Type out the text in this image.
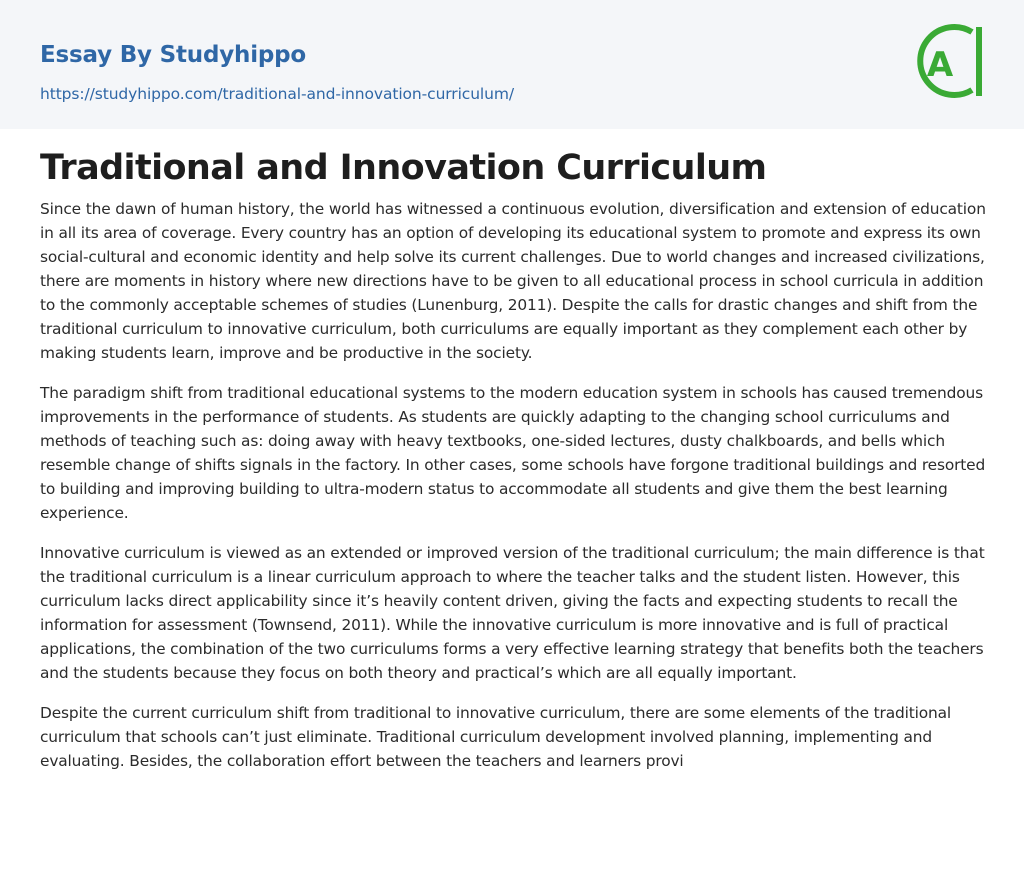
Essay By Studyhippo
https://studyhippo.com/traditional-and-innovation-curriculum/
A
Traditional and Innovation Curriculum

Since the dawn of human history, the world has witnessed a continuous evolution, diversification and extension of education in all its area of coverage. Every country has an option of developing its educational system to promote and express its own social-cultural and economic identity and help solve its current challenges. Due to world changes and increased civilizations, there are moments in history where new directions have to be given to all educational process in school curricula in addition to the commonly acceptable schemes of studies (Lunenburg, 2011). Despite the calls for drastic changes and shift from the traditional curriculum to innovative curriculum, both curriculums are equally important as they complement each other by making students learn, improve and be productive in the society.

The paradigm shift from traditional educational systems to the modern education system in schools has caused tremendous improvements in the performance of students. As students are quickly adapting to the changing school curriculums and methods of teaching such as: doing away with heavy textbooks, one-sided lectures, dusty chalkboards, and bells which resemble change of shifts signals in the factory. In other cases, some schools have forgone traditional buildings and resorted to building and improving building to ultra-modern status to accommodate all students and give them the best learning experience.

Innovative curriculum is viewed as an extended or improved version of the traditional curriculum; the main difference is that the traditional curriculum is a linear curriculum approach to where the teacher talks and the student listen. However, this curriculum lacks direct applicability since it’s heavily content driven, giving the facts and expecting students to recall the information for assessment (Townsend, 2011). While the innovative curriculum is more innovative and is full of practical applications, the combination of the two curriculums forms a very effective learning strategy that benefits both the teachers and the students because they focus on both theory and practical’s which are all equally important.

Despite the current curriculum shift from traditional to innovative curriculum, there are some elements of the traditional curriculum that schools can’t just eliminate. Traditional curriculum development involved planning, implementing and evaluating. Besides, the collaboration effort between the teachers and learners provi
